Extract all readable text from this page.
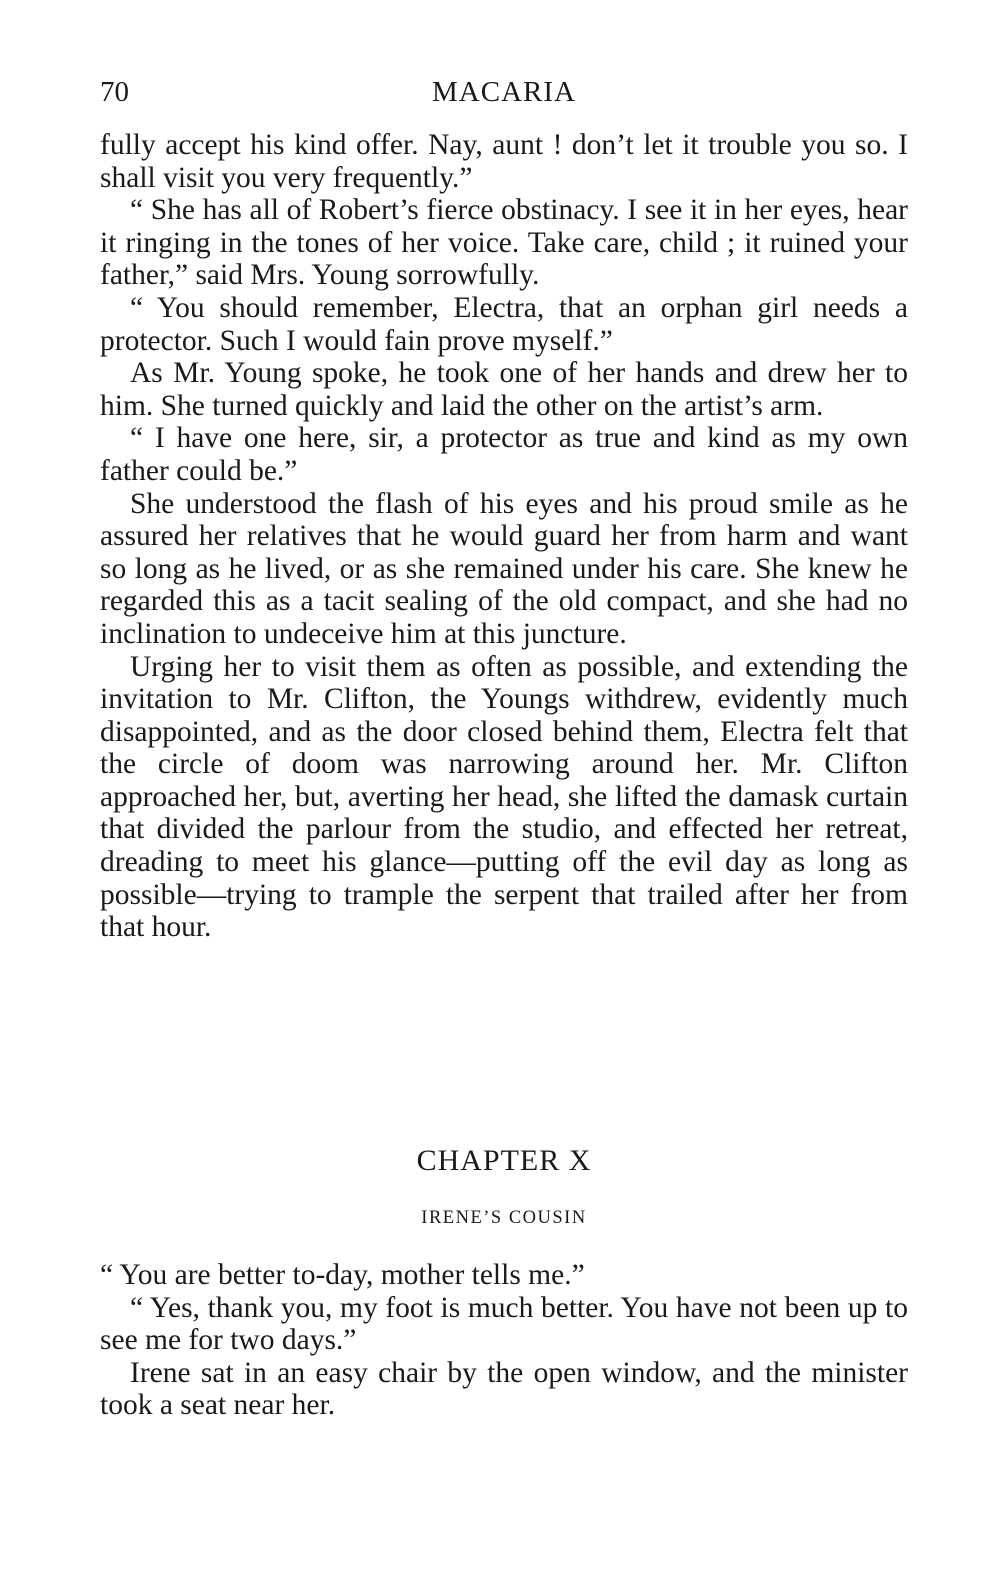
70	MACARIA

fully accept his kind offer. Nay, aunt ! don’t let it trouble you so. I shall visit you very frequently.”

“ She has all of Robert’s fierce obstinacy. I see it in her eyes, hear it ringing in the tones of her voice. Take care, child ; it ruined your father,” said Mrs. Young sorrowfully.

“ You should remember, Electra, that an orphan girl needs a protector. Such I would fain prove myself.”

As Mr. Young spoke, he took one of her hands and drew her to him. She turned quickly and laid the other on the artist’s arm.

“ I have one here, sir, a protector as true and kind as my own father could be.”

She understood the flash of his eyes and his proud smile as he assured her relatives that he would guard her from harm and want so long as he lived, or as she remained under his care. She knew he regarded this as a tacit sealing of the old compact, and she had no inclination to undeceive him at this juncture.

Urging her to visit them as often as possible, and extending the invitation to Mr. Clifton, the Youngs withdrew, evidently much disappointed, and as the door closed behind them, Electra felt that the circle of doom was narrowing around her. Mr. Clifton approached her, but, averting her head, she lifted the damask curtain that divided the parlour from the studio, and effected her retreat, dreading to meet his glance—putting off the evil day as long as possible—trying to trample the serpent that trailed after her from that hour.

CHAPTER X
IRENE’S COUSIN

“ You are better to-day, mother tells me.”

“ Yes, thank you, my foot is much better. You have not been up to see me for two days.”

Irene sat in an easy chair by the open window, and the minister took a seat near her.
